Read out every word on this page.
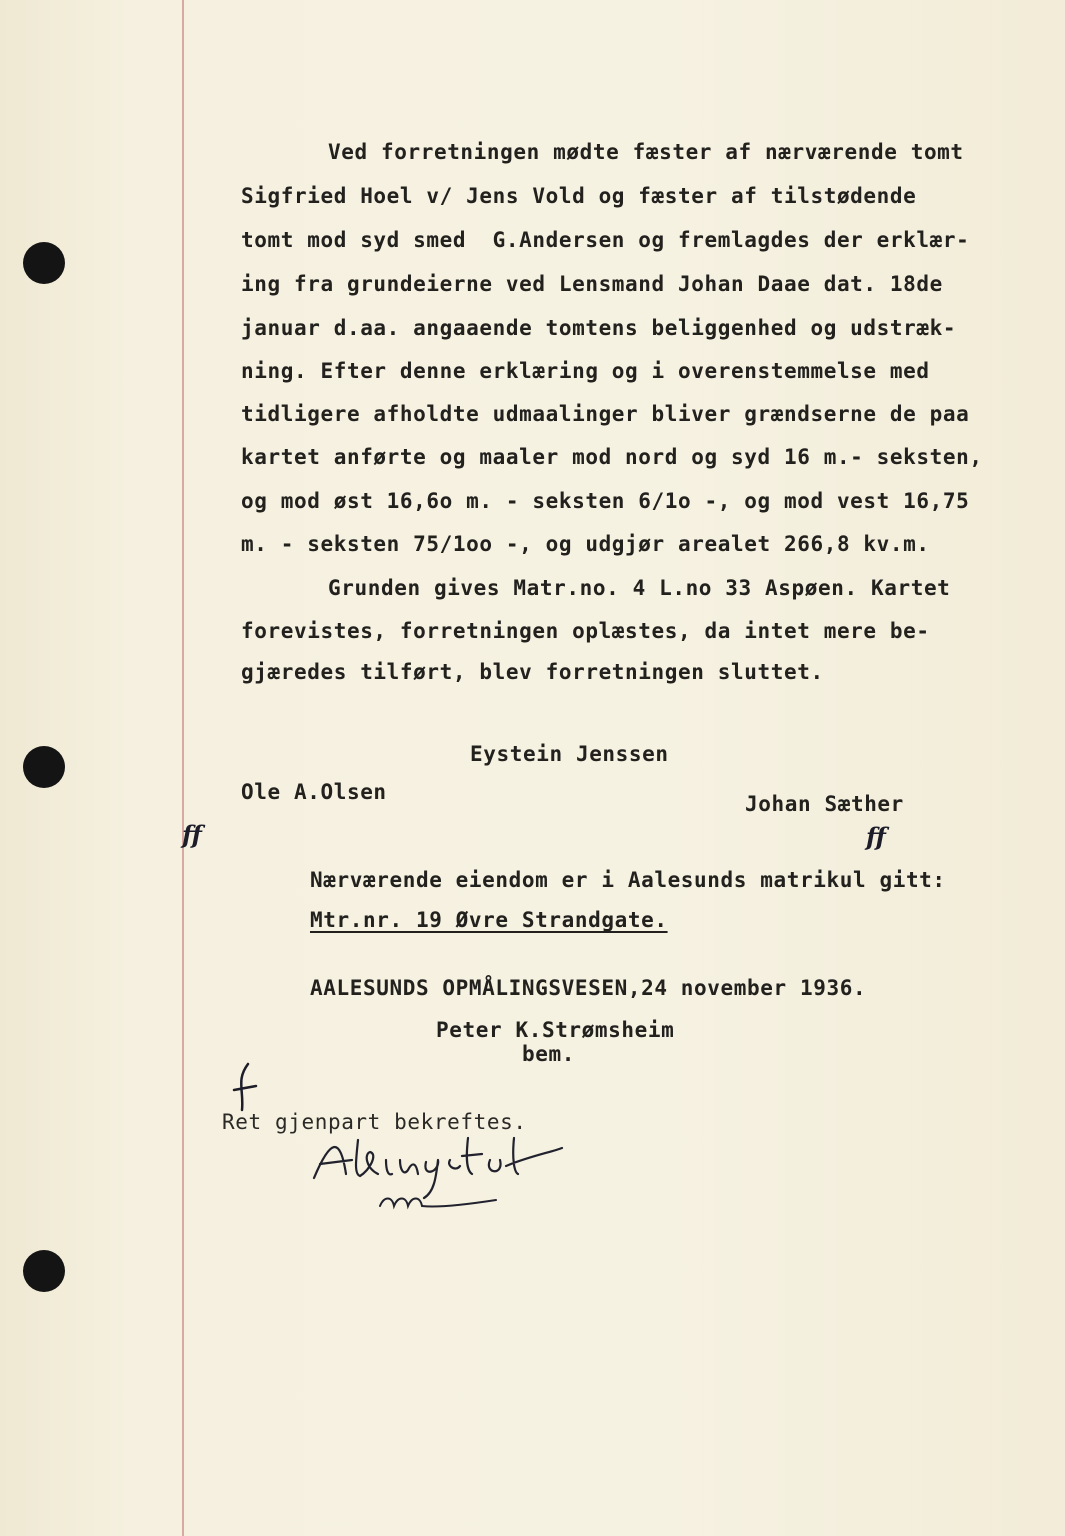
Ved forretningen mødte fæster af nærværende tomt

Sigfried Hoel v/ Jens Vold og fæster af tilstødende

tomt mod syd smed  G.Andersen og fremlagdes der erklær-

ing fra grundeierne ved Lensmand Johan Daae dat. 18de

januar d.aa. angaaende tomtens beliggenhed og udstræk-

ning. Efter denne erklæring og i overenstemmelse med

tidligere afholdte udmaalinger bliver grændserne de paa

kartet anførte og maaler mod nord og syd 16 m.- seksten,

og mod øst 16,6o m. - seksten 6/1o -, og mod vest 16,75

m. - seksten 75/1oo -, og udgjør arealet 266,8 kv.m.

Grunden gives Matr.no. 4 L.no 33 Aspøen. Kartet

forevistes, forretningen oplæstes, da intet mere be-

gjæredes tilført, blev forretningen sluttet.

Eystein Jenssen

Ole A.Olsen	Johan Sæther

ff	ff

Nærværende eiendom er i Aalesunds matrikul gitt:

Mtr.nr. 19 Øvre Strandgate.

AALESUNDS OPMÅLINGSVESEN,24 november 1936.

Peter K.Strømsheim

bem.

Ret gjenpart bekreftes.
